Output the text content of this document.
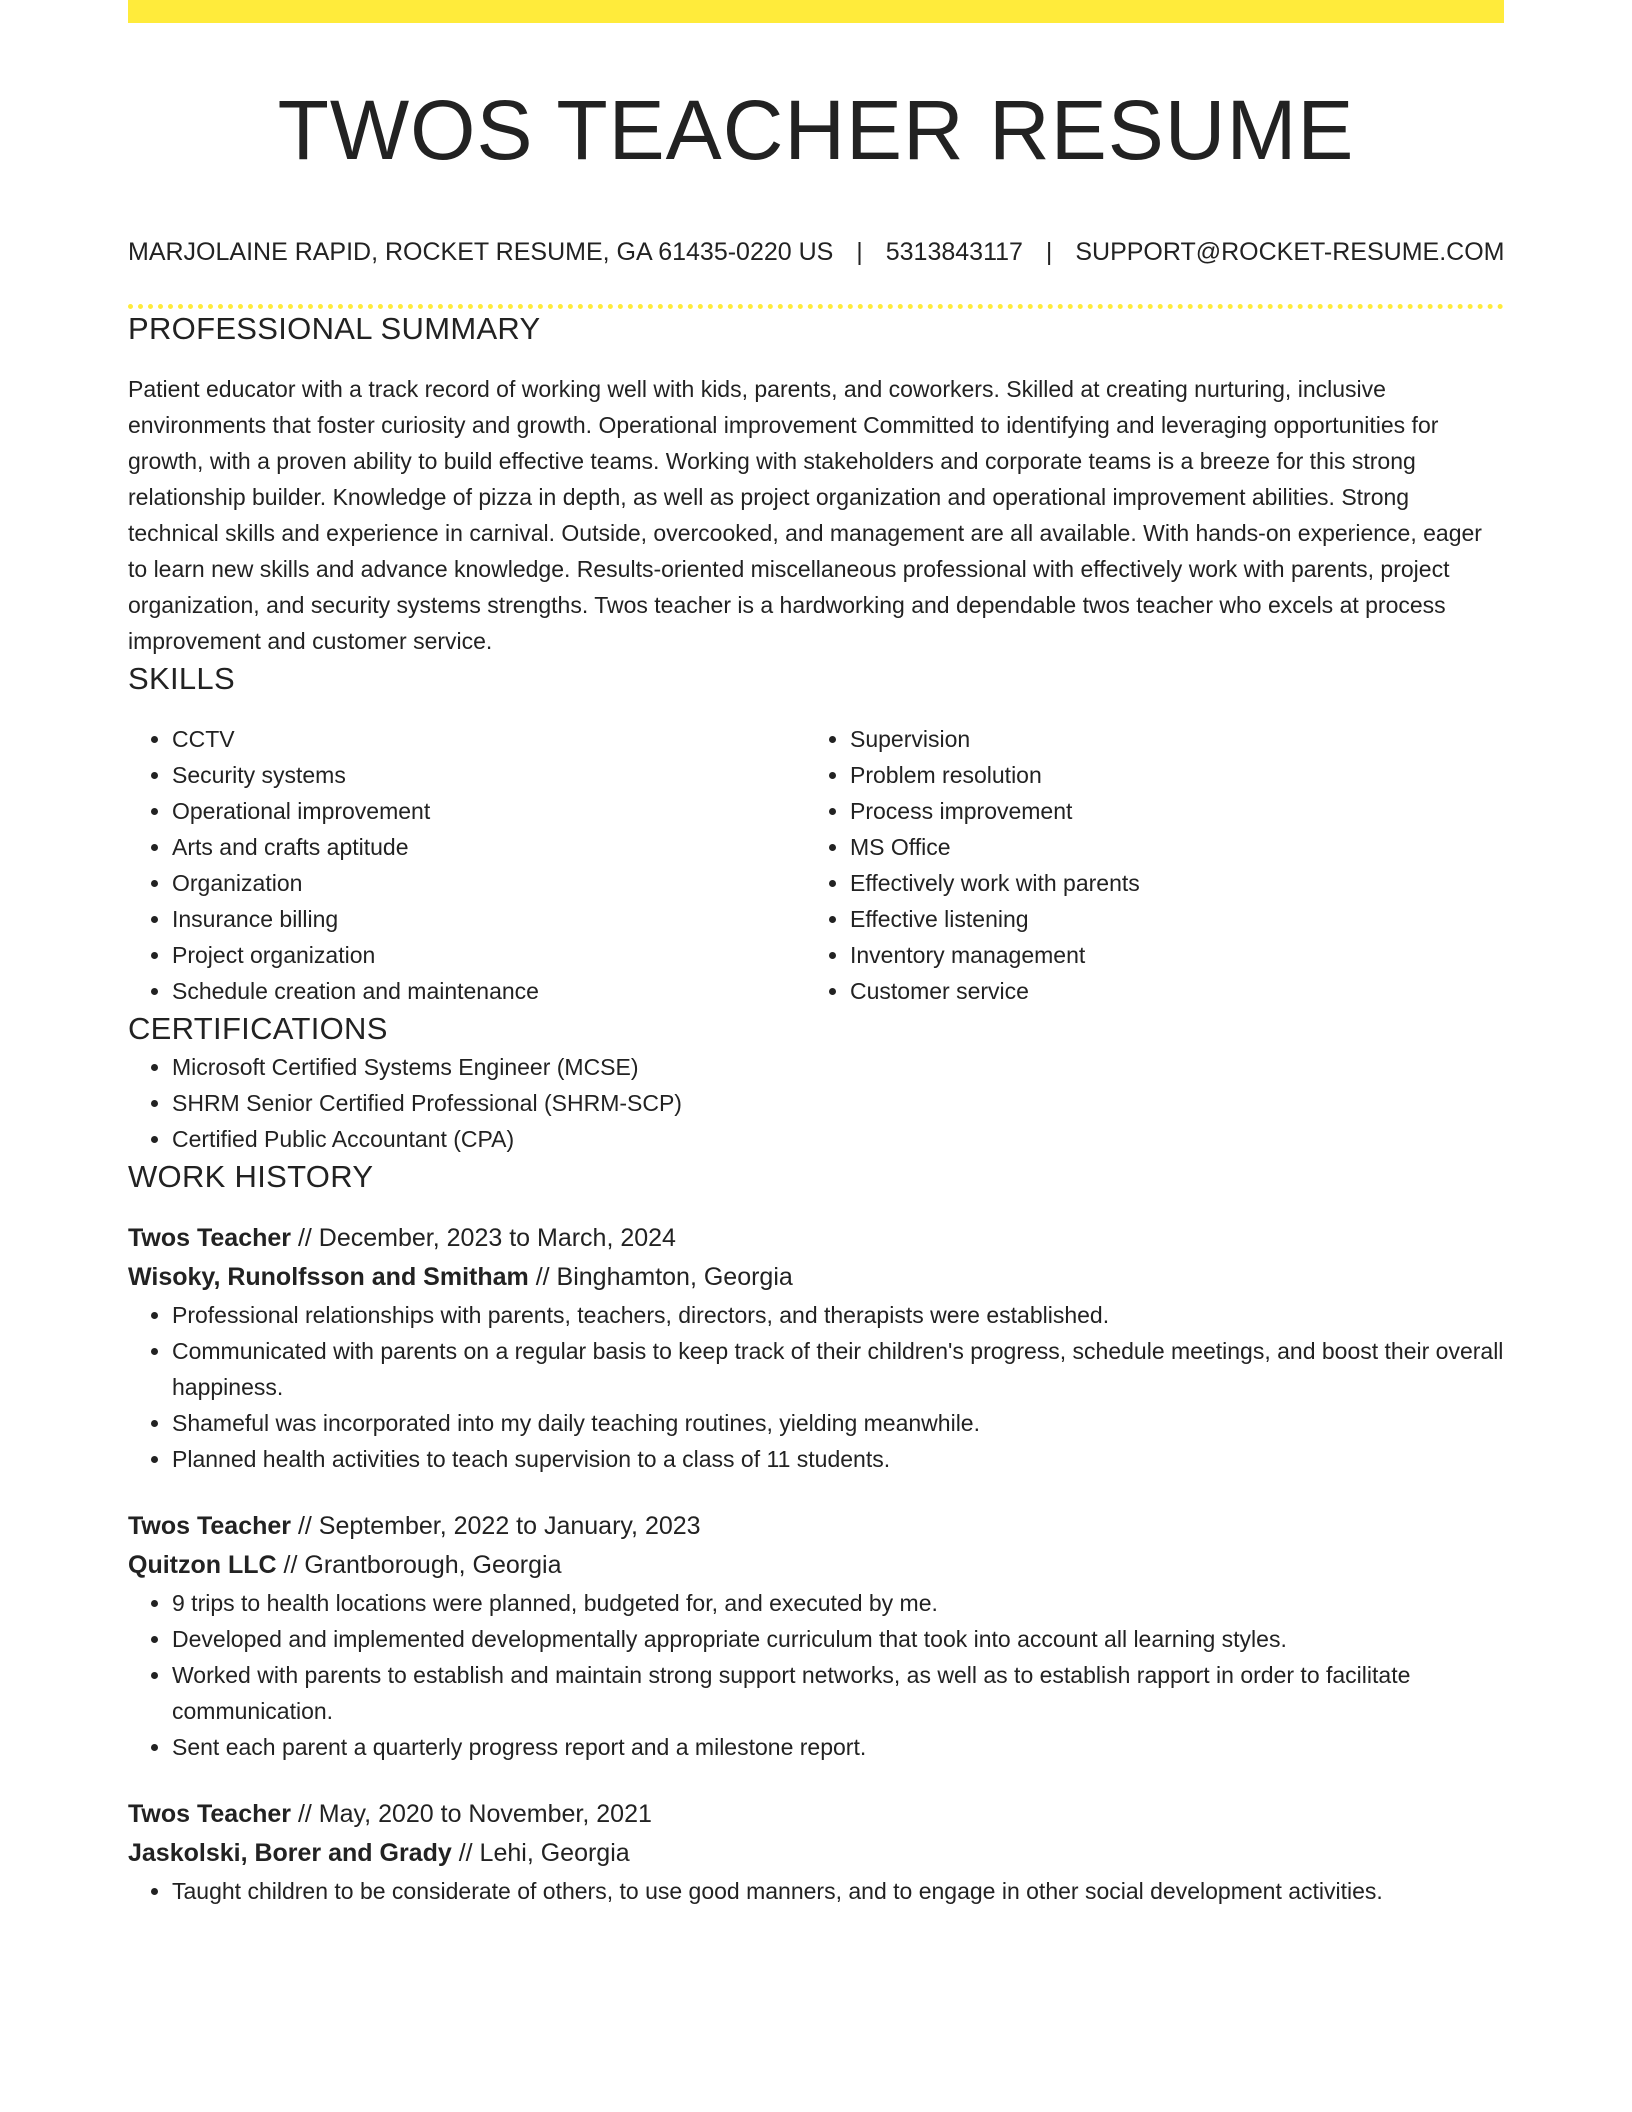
TWOS TEACHER RESUME
MARJOLAINE RAPID, ROCKET RESUME, GA 61435-0220 US | 5313843117 | SUPPORT@ROCKET-RESUME.COM
PROFESSIONAL SUMMARY

Patient educator with a track record of working well with kids, parents, and coworkers. Skilled at creating nurturing, inclusive environments that foster curiosity and growth. Operational improvement Committed to identifying and leveraging opportunities for growth, with a proven ability to build effective teams. Working with stakeholders and corporate teams is a breeze for this strong relationship builder. Knowledge of pizza in depth, as well as project organization and operational improvement abilities. Strong technical skills and experience in carnival. Outside, overcooked, and management are all available. With hands-on experience, eager to learn new skills and advance knowledge. Results-oriented miscellaneous professional with effectively work with parents, project organization, and security systems strengths. Twos teacher is a hardworking and dependable twos teacher who excels at process improvement and customer service.

SKILLS
• CCTV
• Security systems
• Operational improvement
• Arts and crafts aptitude
• Organization
• Insurance billing
• Project organization
• Schedule creation and maintenance
• Supervision
• Problem resolution
• Process improvement
• MS Office
• Effectively work with parents
• Effective listening
• Inventory management
• Customer service
CERTIFICATIONS
• Microsoft Certified Systems Engineer (MCSE)
• SHRM Senior Certified Professional (SHRM-SCP)
• Certified Public Accountant (CPA)
WORK HISTORY
Twos Teacher // December, 2023 to March, 2024
Wisoky, Runolfsson and Smitham // Binghamton, Georgia
• Professional relationships with parents, teachers, directors, and therapists were established.
• Communicated with parents on a regular basis to keep track of their children's progress, schedule meetings, and boost their overall happiness.
• Shameful was incorporated into my daily teaching routines, yielding meanwhile.
• Planned health activities to teach supervision to a class of 11 students.
Twos Teacher // September, 2022 to January, 2023
Quitzon LLC // Grantborough, Georgia
• 9 trips to health locations were planned, budgeted for, and executed by me.
• Developed and implemented developmentally appropriate curriculum that took into account all learning styles.
• Worked with parents to establish and maintain strong support networks, as well as to establish rapport in order to facilitate communication.
• Sent each parent a quarterly progress report and a milestone report.
Twos Teacher // May, 2020 to November, 2021
Jaskolski, Borer and Grady // Lehi, Georgia
• Taught children to be considerate of others, to use good manners, and to engage in other social development activities.
